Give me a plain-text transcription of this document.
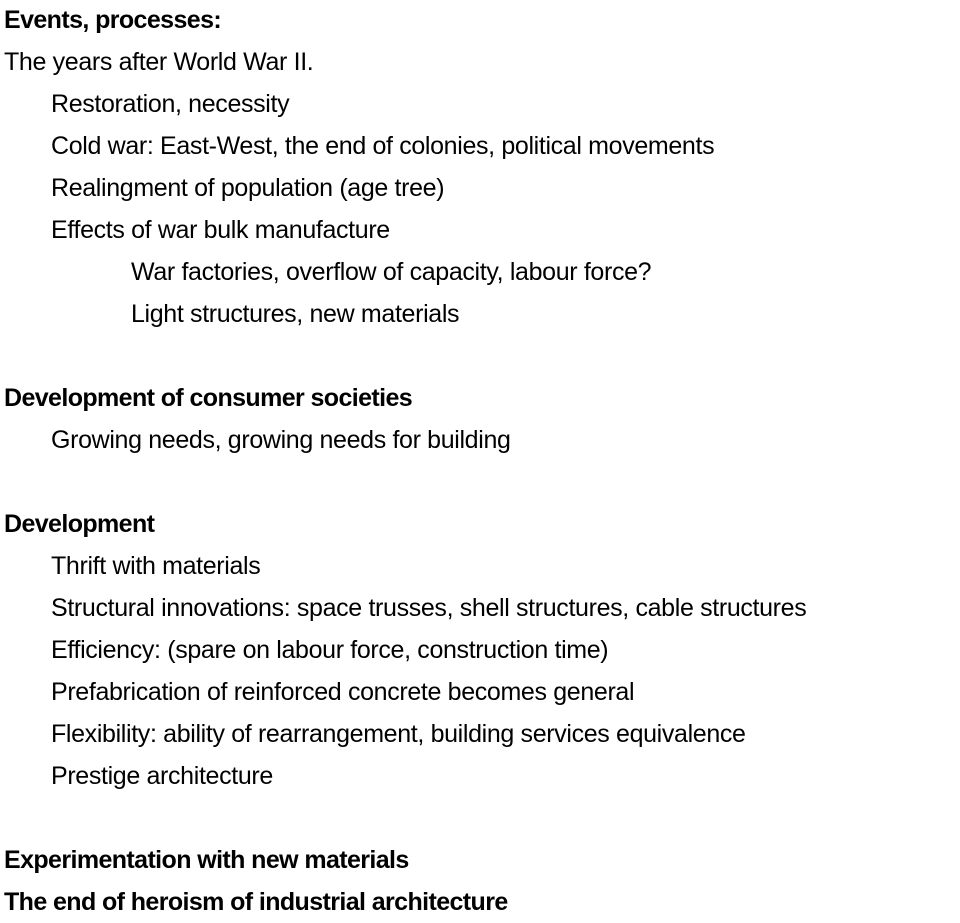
Events, processes:
The years after World War II.
Restoration, necessity
Cold war: East-West, the end of colonies, political movements
Realingment of population (age tree)
Effects of war bulk manufacture
War factories, overflow of capacity, labour force?
Light structures, new materials
Development of consumer societies
Growing needs, growing needs for building
Development
Thrift with materials
Structural innovations: space trusses, shell structures, cable structures
Efficiency: (spare on labour force, construction time)
Prefabrication of reinforced concrete becomes general
Flexibility: ability of rearrangement, building services equivalence
Prestige architecture
Experimentation with new materials
The end of heroism of industrial architecture
